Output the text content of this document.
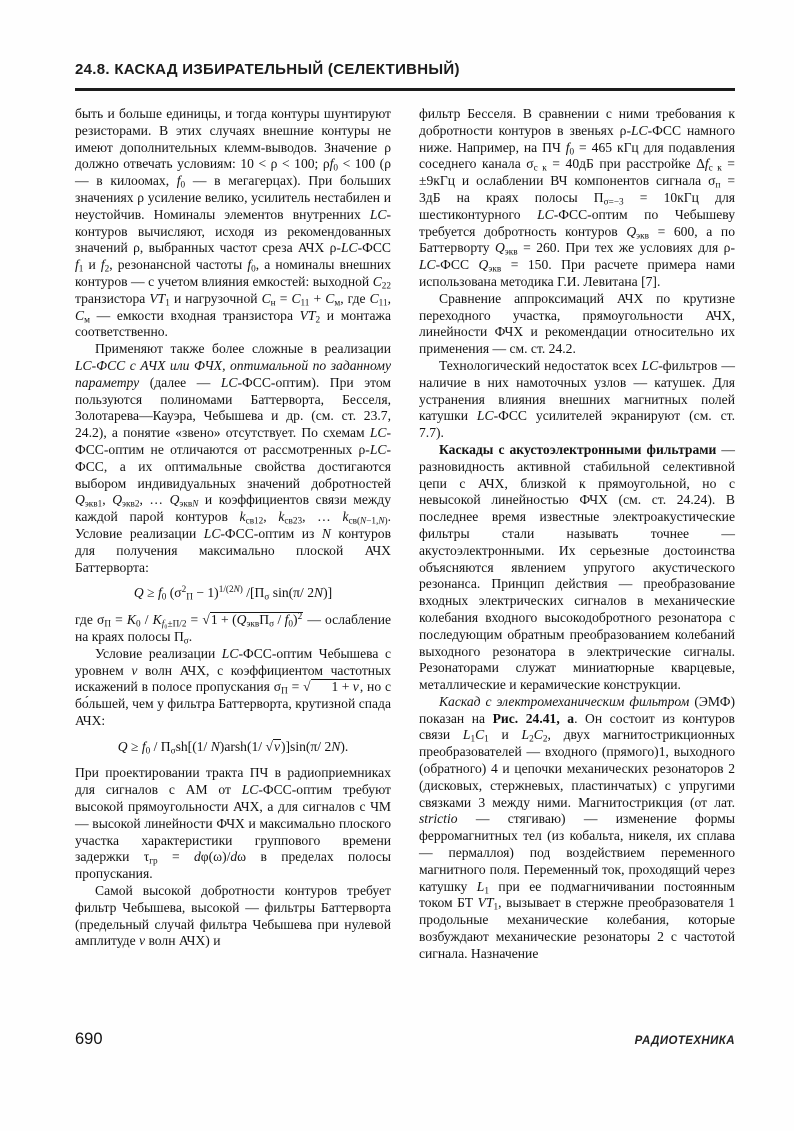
24.8. КАСКАД ИЗБИРАТЕЛЬНЫЙ (СЕЛЕКТИВНЫЙ)
быть и больше единицы, и тогда контуры шунтируют резисторами. В этих случаях внешние контуры не имеют дополнительных клемм-выводов. Значение ρ должно отвечать условиям: 10 < ρ < 100; $\rho f_0 < 100$ (ρ — в килоомах, $f_0$ — в мегагерцах). При больших значениях ρ усиление велико, усилитель нестабилен и неустойчив. Номиналы элементов внутренних LC-контуров вычисляют, исходя из рекомендованных значений ρ, выбранных частот среза АЧХ ρ-LC-ФСС $f_1$ и $f_2$, резонансной частоты $f_0$, а номиналы внешних контуров — с учетом влияния емкостей: выходной $C_{22}$ транзистора $VT_1$ и нагрузочной $C_н = C_{11} + C_м$, где $C_{11}$, $C_м$ — емкости входная транзистора $VT_2$ и монтажа соответственно.
Применяют также более сложные в реализации LC-ФСС с АЧХ или ФЧХ, оптимальной по заданному параметру (далее — LC-ФСС-оптим). При этом пользуются полиномами Баттерворта, Бесселя, Золотарева—Кауэра, Чебышева и др. (см. ст. 23.7, 24.2), а понятие «звено» отсутствует. По схемам LC-ФСС-оптим не отличаются от рассмотренных ρ-LC-ФСС, а их оптимальные свойства достигаются выбором индивидуальных значений добротностей $Q_{экв1}$, $Q_{экв2}$, … $Q_{эквN}$ и коэффициентов связи между каждой парой контуров $k_{св12}$, $k_{св23}$, … $k_{св(N-1,N)}$. Условие реализации LC-ФСС-оптим из N контуров для получения максимально плоской АЧХ Баттерворта:
$Q \ge f_0$ $(\sigma^2_П - 1)^{1/(2N)}$ $/[П_\sigma$ sin(π/ 2N)]
где $\sigma_П = K_0 / K_{f_0\pm П/2} = √1 + (Q_{экв}П_\sigma / f_0)^2$ — ослабление на краях полосы $П_\sigma$.
Условие реализации LC-ФСС-оптим Чебышева с уровнем v волн АЧХ, с коэффициентом частотных искажений в полосе пропускания $\sigma_П$ = √ 1 + v, но с бо́льшей, чем у фильтра Баттерворта, крутизной спада АЧХ:
$Q \ge f_0 / П_\sigma sh[(1/$ N)arsh(1/ √v)]sin(π/ 2N).
При проектировании тракта ПЧ в радиоприемниках для сигналов с АМ от LC-ФСС-оптим требуют высокой прямоугольности АЧХ, а для сигналов с ЧМ — высокой линейности ФЧХ и максимально плоского участка характеристики группового времени задержки $\tau_{гр} = d\varphi(\omega)/d\omega$ в пределах полосы пропускания.
Самой высокой добротности контуров требует фильтр Чебышева, высокой — фильтры Баттерворта (предельный случай фильтра Чебышева при нулевой амплитуде v волн АЧХ) и
фильтр Бесселя. В сравнении с ними требования к добротности контуров в звеньях ρ-LC-ФСС намного ниже. Например, на ПЧ $f_0 = 465$ кГц для подавления соседнего канала $\sigma_{с к} = 40дБ$ при расстройке $\Delta f_{с к} = \pm 9кГц$ и ослаблении ВЧ компонентов сигнала $\sigma_п = 3дБ$ на краях полосы $П_{\sigma=-3} = 10кГц$ для шестиконтурного LC-ФСС-оптим по Чебышеву требуется добротность контуров $Q_{экв} = 600$, а по Баттерворту $Q_{экв} = 260$. При тех же условиях для ρ-LC-ФСС $Q_{экв} = 150$. При расчете примера нами использована методика Г.И. Левитана [7].
Сравнение аппроксимаций АЧХ по крутизне переходного участка, прямоугольности АЧХ, линейности ФЧХ и рекомендации относительно их применения — см. ст. 24.2.
Технологический недостаток всех LC-фильтров — наличие в них намоточных узлов — катушек. Для устранения влияния внешних магнитных полей катушки LC-ФСС усилителей экранируют (см. ст. 7.7).
Каскады с акустоэлектронными фильтрами — разновидность активной стабильной селективной цепи с АЧХ, близкой к прямоугольной, но с невысокой линейностью ФЧХ (см. ст. 24.24). В последнее время известные электроакустические фильтры стали называть точнее — акустоэлектронными. Их серьезные достоинства объясняются явлением упругого акустического резонанса. Принцип действия — преобразование входных электрических сигналов в механические колебания входного высокодобротного резонатора с последующим обратным преобразованием колебаний выходного резонатора в электрические сигналы. Резонаторами служат миниатюрные кварцевые, металлические и керамические конструкции.
Каскад с электромеханическим фильтром (ЭМФ) показан на Рис. 24.41, а. Он состоит из контуров связи $L_1C_1$ и $L_2C_2$, двух магнитострикционных преобразователей — входного (прямого)1, выходного (обратного) 4 и цепочки механических резонаторов 2 (дисковых, стержневых, пластинчатых) с упругими связками 3 между ними. Магнитострикция (от лат. strictio — стягиваю) — изменение формы ферромагнитных тел (из кобальта, никеля, их сплава — пермаллоя) под воздействием переменного магнитного поля. Переменный ток, проходящий через катушку $L_1$ при ее подмагничивании постоянным током БТ $VT_1$, вызывает в стержне преобразователя 1 продольные механические колебания, которые возбуждают механические резонаторы 2 с частотой сигнала. Назначение
690	РАДИОТЕХНИКА
